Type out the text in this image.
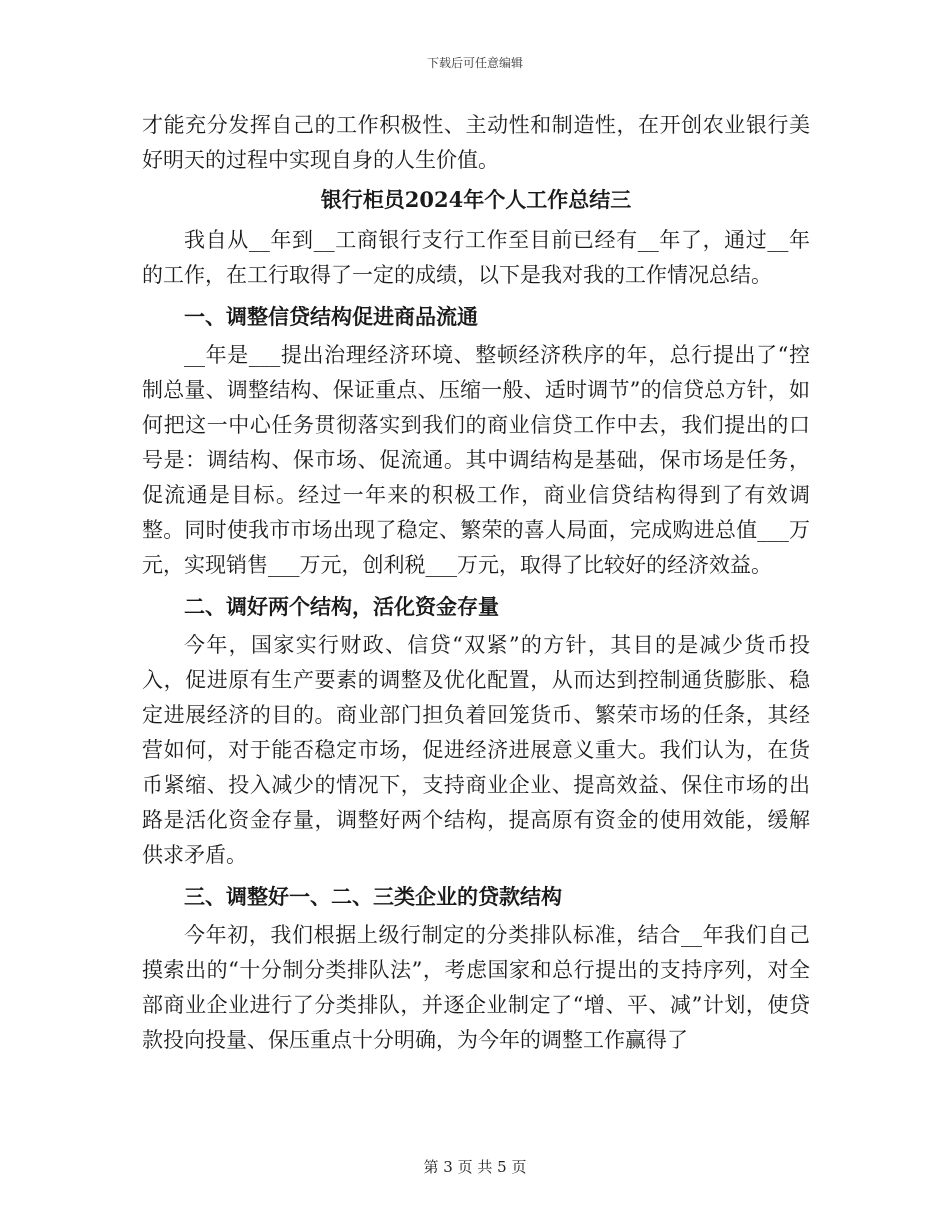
下载后可任意编辑

才能充分发挥自己的工作积极性、主动性和制造性，在开创农业银行美好明天的过程中实现自身的人生价值。

银行柜员2024年个人工作总结三

我自从__年到__工商银行支行工作至目前已经有__年了，通过__年的工作，在工行取得了一定的成绩，以下是我对我的工作情况总结。

一、调整信贷结构促进商品流通

__年是___提出治理经济环境、整顿经济秩序的年，总行提出了“控制总量、调整结构、保证重点、压缩一般、适时调节”的信贷总方针，如何把这一中心任务贯彻落实到我们的商业信贷工作中去，我们提出的口号是：调结构、保市场、促流通。其中调结构是基础，保市场是任务，促流通是目标。经过一年来的积极工作，商业信贷结构得到了有效调整。同时使我市市场出现了稳定、繁荣的喜人局面，完成购进总值___万元，实现销售___万元，创利税___万元，取得了比较好的经济效益。

二、调好两个结构，活化资金存量

今年，国家实行财政、信贷“双紧”的方针，其目的是减少货币投入，促进原有生产要素的调整及优化配置，从而达到控制通货膨胀、稳定进展经济的目的。商业部门担负着回笼货币、繁荣市场的任条，其经营如何，对于能否稳定市场，促进经济进展意义重大。我们认为，在货币紧缩、投入减少的情况下，支持商业企业、提高效益、保住市场的出路是活化资金存量，调整好两个结构，提高原有资金的使用效能，缓解供求矛盾。

三、调整好一、二、三类企业的贷款结构

今年初，我们根据上级行制定的分类排队标准，结合__年我们自己摸索出的“十分制分类排队法”，考虑国家和总行提出的支持序列，对全部商业企业进行了分类排队，并逐企业制定了“增、平、减”计划，使贷款投向投量、保压重点十分明确，为今年的调整工作赢得了

第 3 页 共 5 页
